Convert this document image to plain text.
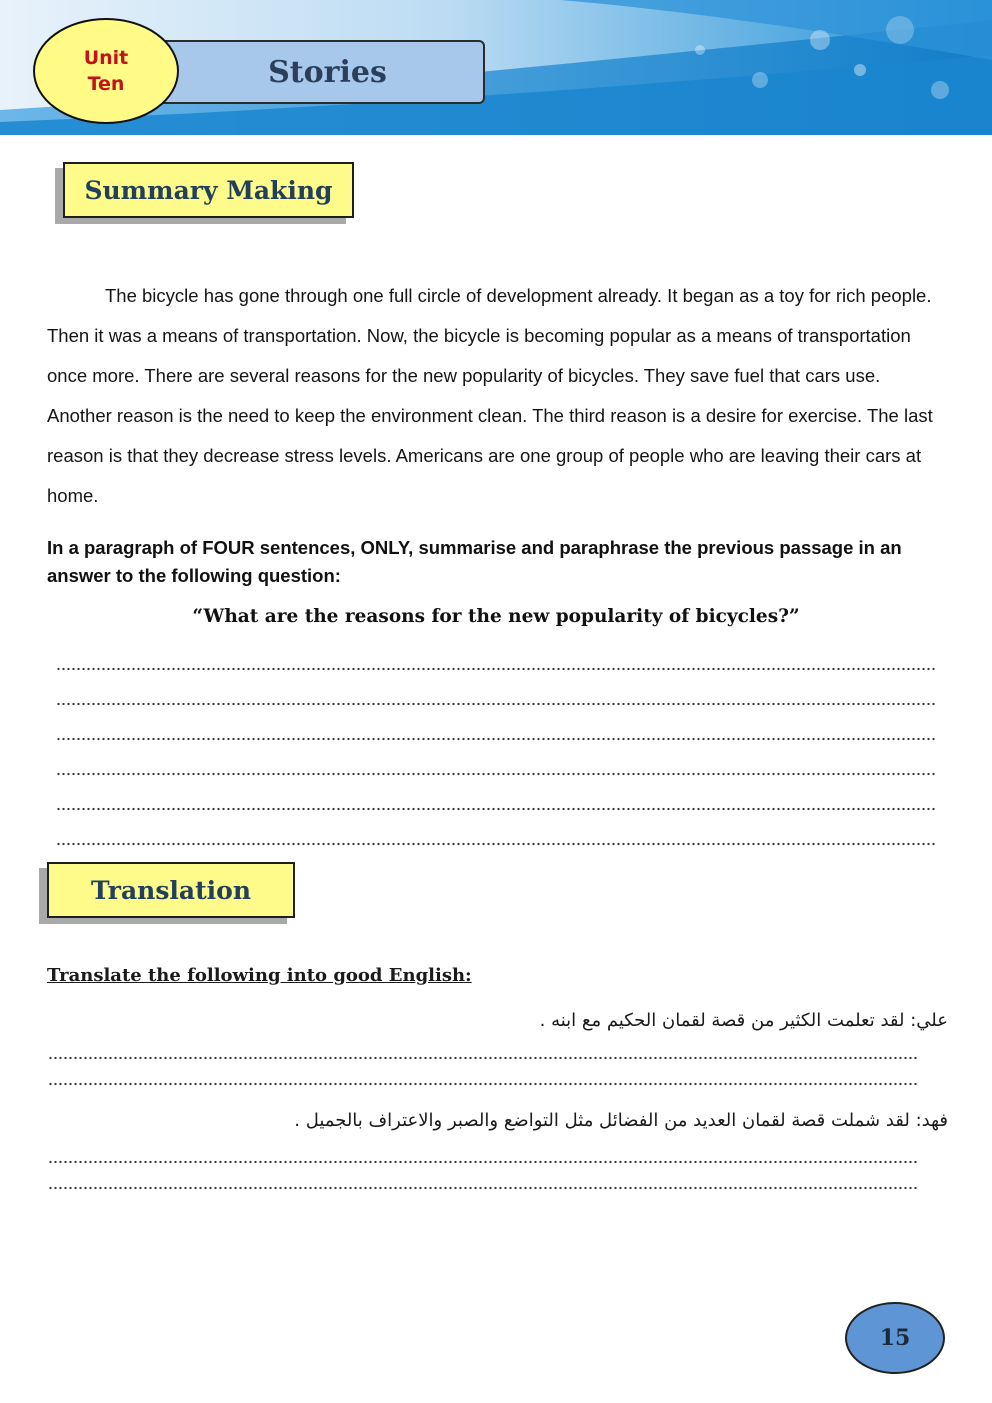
Unit
Ten	Stories
Summary Making

The bicycle has gone through one full circle of development already. It began as a toy for rich people. Then it was a means of transportation. Now, the bicycle is becoming popular as a means of transportation once more. There are several reasons for the new popularity of bicycles. They save fuel that cars use. Another reason is the need to keep the environment clean. The third reason is a desire for exercise. The last reason is that they decrease stress levels. Americans are one group of people who are leaving their cars at home.

In a paragraph of FOUR sentences, ONLY, summarise and paraphrase the previous passage in an answer to the following question:
“What are the reasons for the new popularity of bicycles?”
Translation
Translate the following into good English:
علي: لقد تعلمت الكثير من قصة لقمان الحكيم مع ابنه .
فهد: لقد شملت قصة لقمان العديد من الفضائل مثل التواضع والصبر والاعتراف بالجميل .
15
